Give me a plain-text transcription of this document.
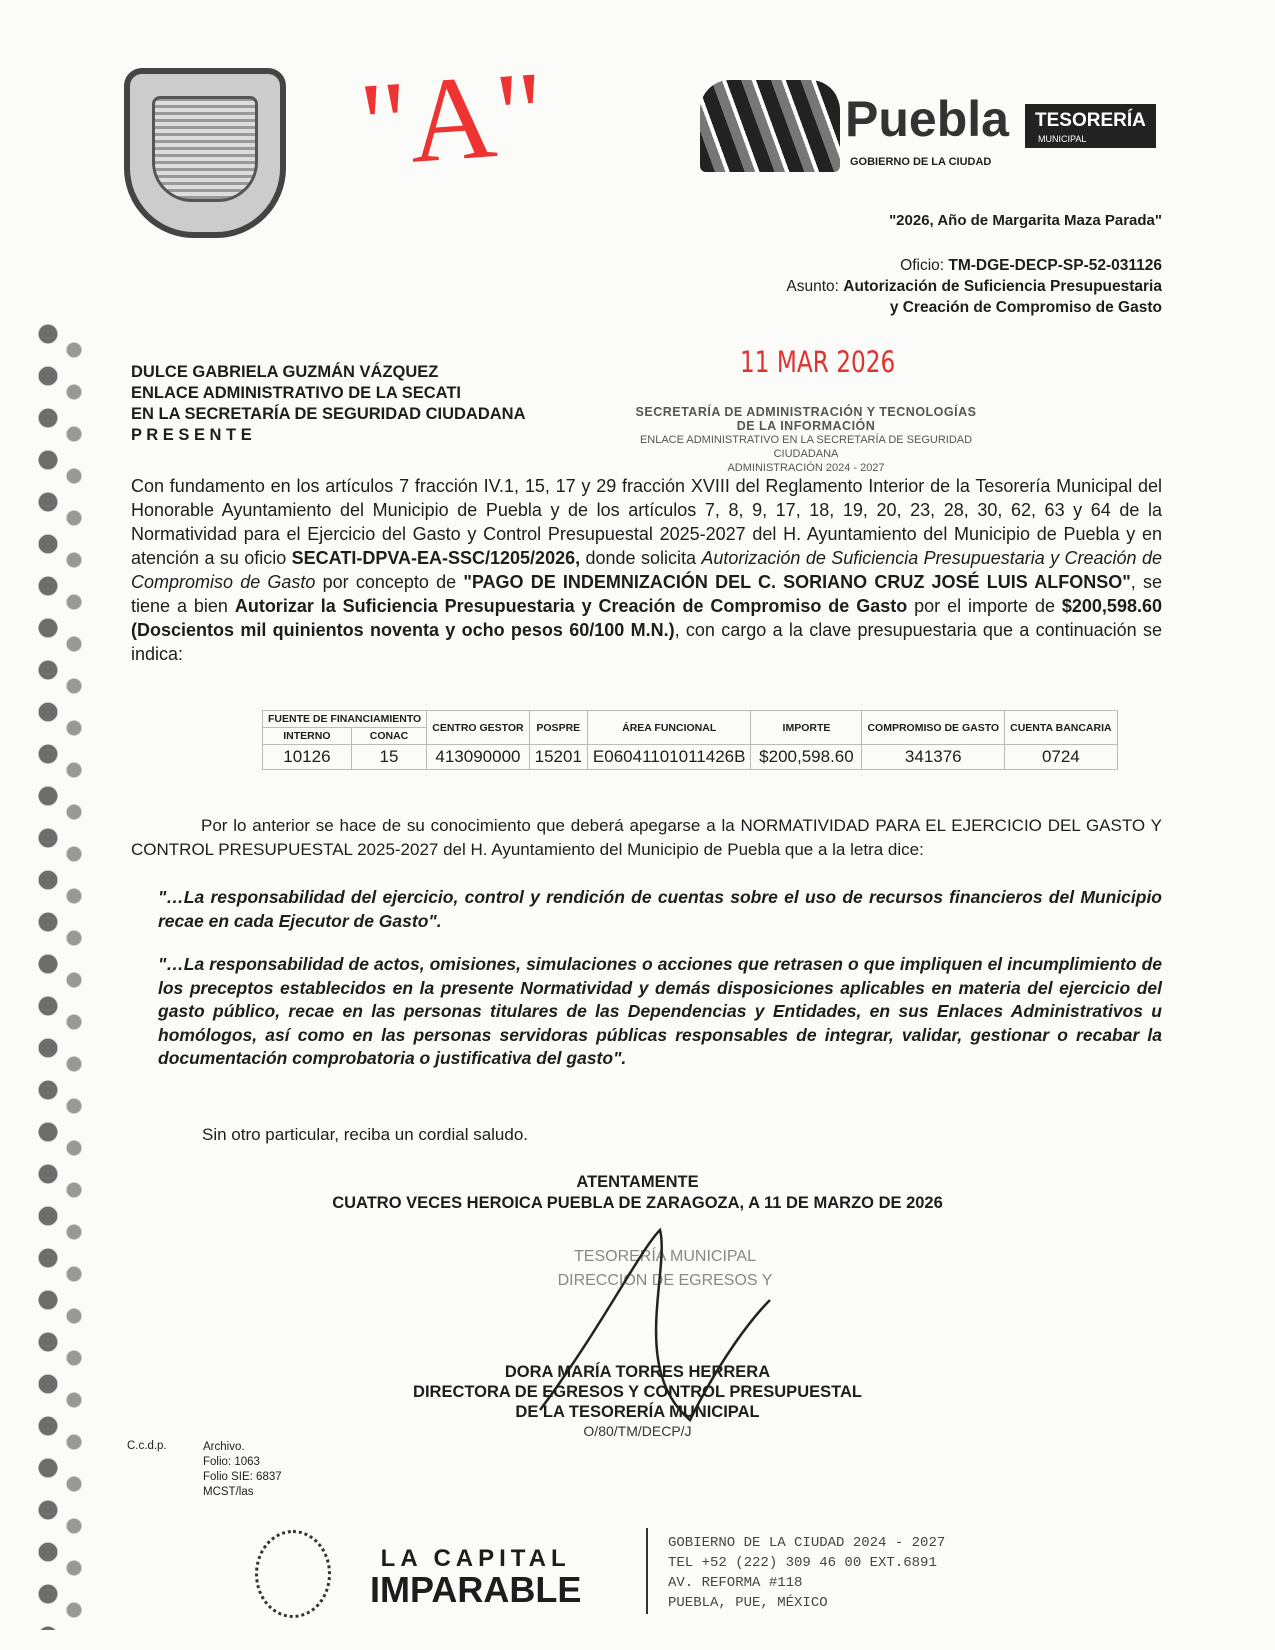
"A"	Puebla
GOBIERNO DE LA CIUDAD
TESORERÍA
MUNICIPAL
"2026, Año de Margarita Maza Parada"
Oficio: TM-DGE-DECP-SP-52-031126
Asunto: Autorización de Suficiencia Presupuestaria
y Creación de Compromiso de Gasto
11 MAR 2026
DULCE GABRIELA GUZMÁN VÁZQUEZ
ENLACE ADMINISTRATIVO DE LA SECATI
EN LA SECRETARÍA DE SEGURIDAD CIUDADANA
P R E S E N T E
SECRETARÍA DE ADMINISTRACIÓN Y TECNOLOGÍAS
DE LA INFORMACIÓN
ENLACE ADMINISTRATIVO EN LA SECRETARÍA DE SEGURIDAD CIUDADANA
ADMINISTRACIÓN 2024 - 2027
Con fundamento en los artículos 7 fracción IV.1, 15, 17 y 29 fracción XVIII del Reglamento Interior de la Tesorería Municipal del Honorable Ayuntamiento del Municipio de Puebla y de los artículos 7, 8, 9, 17, 18, 19, 20, 23, 28, 30, 62, 63 y 64 de la Normatividad para el Ejercicio del Gasto y Control Presupuestal 2025-2027 del H. Ayuntamiento del Municipio de Puebla y en atención a su oficio SECATI-DPVA-EA-SSC/1205/2026, donde solicita Autorización de Suficiencia Presupuestaria y Creación de Compromiso de Gasto por concepto de "PAGO DE INDEMNIZACIÓN DEL C. SORIANO CRUZ JOSÉ LUIS ALFONSO", se tiene a bien Autorizar la Suficiencia Presupuestaria y Creación de Compromiso de Gasto por el importe de $200,598.60 (Doscientos mil quinientos noventa y ocho pesos 60/100 M.N.), con cargo a la clave presupuestaria que a continuación se indica:
FUENTE DE FINANCIAMIENTO		CENTRO GESTOR	POSPRE	ÁREA FUNCIONAL	IMPORTE	COMPROMISO DE GASTO	CUENTA BANCARIA
INTERNO	CONAC						
10126	15	413090000	15201	E06041101011426B	$200,598.60	341376	0724
Por lo anterior se hace de su conocimiento que deberá apegarse a la NORMATIVIDAD PARA EL EJERCICIO DEL GASTO Y CONTROL PRESUPUESTAL 2025-2027 del H. Ayuntamiento del Municipio de Puebla que a la letra dice:
"…La responsabilidad del ejercicio, control y rendición de cuentas sobre el uso de recursos financieros del Municipio recae en cada Ejecutor de Gasto".
"…La responsabilidad de actos, omisiones, simulaciones o acciones que retrasen o que impliquen el incumplimiento de los preceptos establecidos en la presente Normatividad y demás disposiciones aplicables en materia del ejercicio del gasto público, recae en las personas titulares de las Dependencias y Entidades, en sus Enlaces Administrativos u homólogos, así como en las personas servidoras públicas responsables de integrar, validar, gestionar o recabar la documentación comprobatoria o justificativa del gasto".
Sin otro particular, reciba un cordial saludo.
ATENTAMENTE
CUATRO VECES HEROICA PUEBLA DE ZARAGOZA, A 11 DE MARZO DE 2026
TESORERÍA MUNICIPAL
DIRECCIÓN DE EGRESOS Y
DORA MARÍA TORRES HERRERA
DIRECTORA DE EGRESOS Y CONTROL PRESUPUESTAL
DE LA TESORERÍA MUNICIPAL
O/80/TM/DECP/J
C.c.d.p.	Archivo.
Folio: 1063
Folio SIE: 6837
MCST/las
LA CAPITAL
IMPARABLE
GOBIERNO DE LA CIUDAD 2024 - 2027
TEL +52 (222) 309 46 00 EXT.6891
AV. REFORMA #118
PUEBLA, PUE, MÉXICO
